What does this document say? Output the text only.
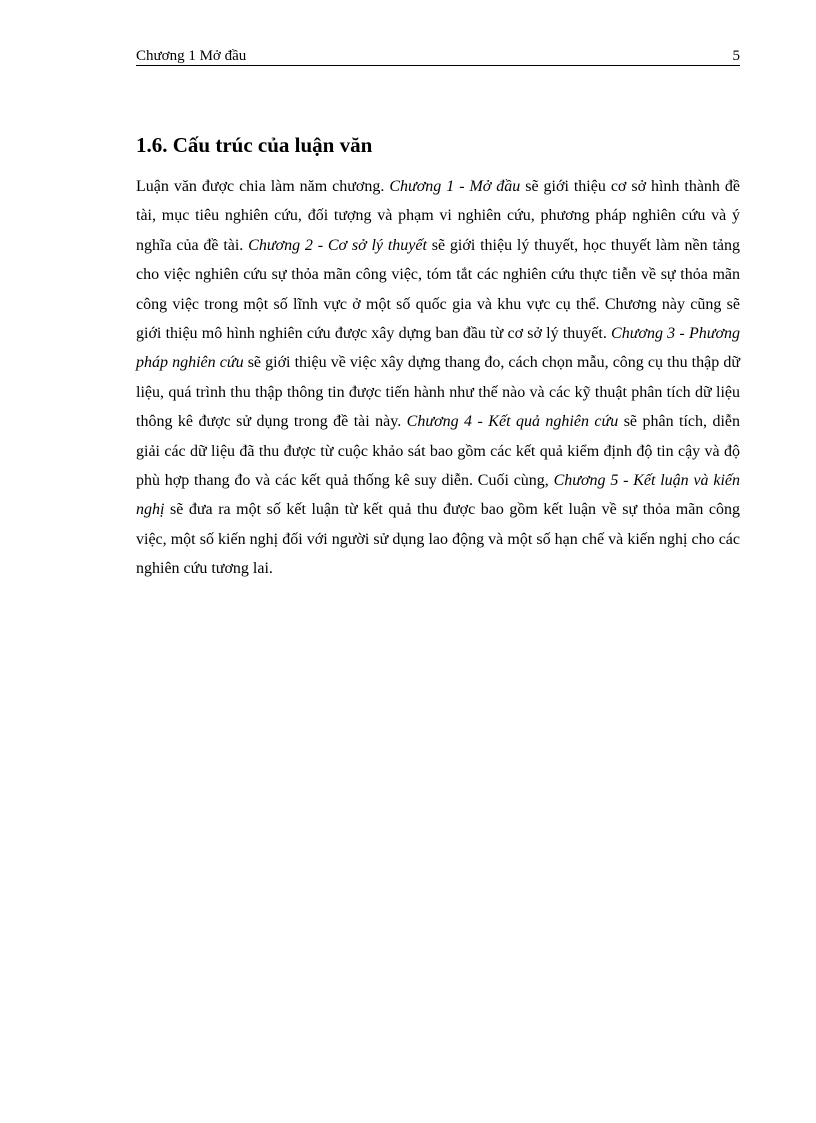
Chương 1 Mở đầu	5
1.6. Cấu trúc của luận văn

Luận văn được chia làm năm chương. Chương 1 - Mở đầu sẽ giới thiệu cơ sở hình thành đề tài, mục tiêu nghiên cứu, đối tượng và phạm vi nghiên cứu, phương pháp nghiên cứu và ý nghĩa của đề tài. Chương 2 - Cơ sở lý thuyết sẽ giới thiệu lý thuyết, học thuyết làm nền tảng cho việc nghiên cứu sự thỏa mãn công việc, tóm tắt các nghiên cứu thực tiễn về sự thỏa mãn công việc trong một số lĩnh vực ở một số quốc gia và khu vực cụ thể. Chương này cũng sẽ giới thiệu mô hình nghiên cứu được xây dựng ban đầu từ cơ sở lý thuyết. Chương 3 - Phương pháp nghiên cứu sẽ giới thiệu về việc xây dựng thang đo, cách chọn mẫu, công cụ thu thập dữ liệu, quá trình thu thập thông tin được tiến hành như thế nào và các kỹ thuật phân tích dữ liệu thông kê được sử dụng trong đề tài này. Chương 4 - Kết quả nghiên cứu sẽ phân tích, diễn giải các dữ liệu đã thu được từ cuộc khảo sát bao gồm các kết quả kiểm định độ tin cậy và độ phù hợp thang đo và các kết quả thống kê suy diễn. Cuối cùng, Chương 5 - Kết luận và kiến nghị sẽ đưa ra một số kết luận từ kết quả thu được bao gồm kết luận về sự thỏa mãn công việc, một số kiến nghị đối với người sử dụng lao động và một số hạn chế và kiến nghị cho các nghiên cứu tương lai.
